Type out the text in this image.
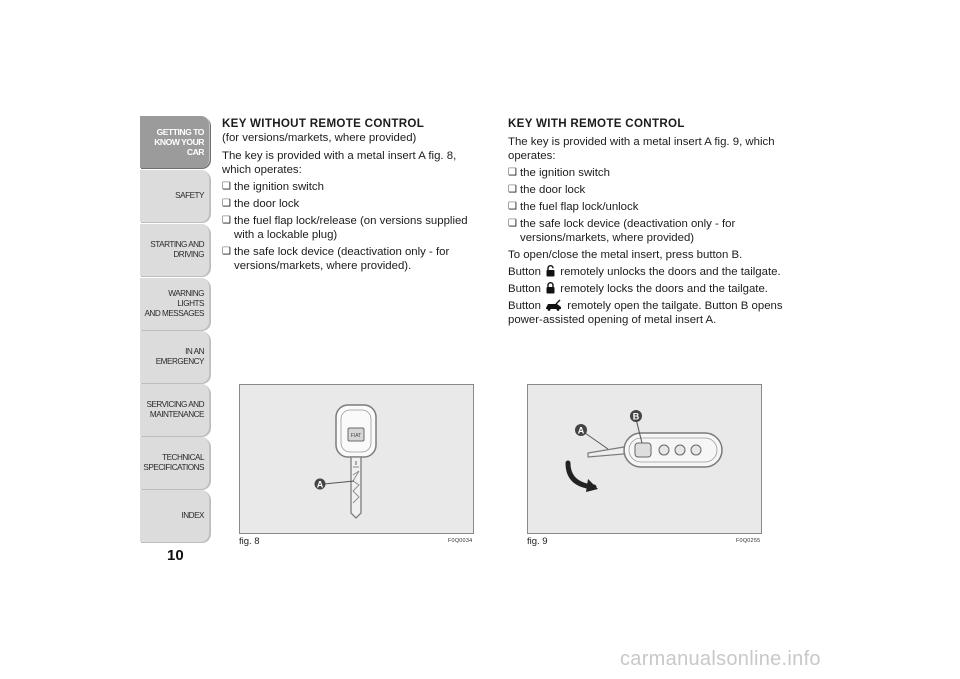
GETTING TO
KNOW YOUR CAR
SAFETY
STARTING AND
DRIVING
WARNING LIGHTS
AND MESSAGES
IN AN EMERGENCY
SERVICING AND
MAINTENANCE
TECHNICAL
SPECIFICATIONS
INDEX
10

KEY WITHOUT REMOTE CONTROL

(for versions/markets, where provided)

The key is provided with a metal insert A fig. 8, which operates:

❑ the ignition switch
❑ the door lock
❑ the fuel flap lock/release (on versions supplied with a lockable plug)
❑ the safe lock device (deactivation only - for versions/markets, where provided).

KEY WITH REMOTE CONTROL

The key is provided with a metal insert A fig. 9, which operates:

❑ the ignition switch
❑ the door lock
❑ the fuel flap lock/unlock
❑ the safe lock device (deactivation only - for versions/markets, where provided)

To open/close the metal insert, press button B.

Button remotely unlocks the doors and the tailgate.

Button remotely locks the doors and the tailgate.

Button remotely open the tailgate. Button B opens power-assisted opening of metal insert A.

FIAT
A
fig. 8	F0Q0034
A
B
fig. 9	F0Q0255
carmanualsonline.info
